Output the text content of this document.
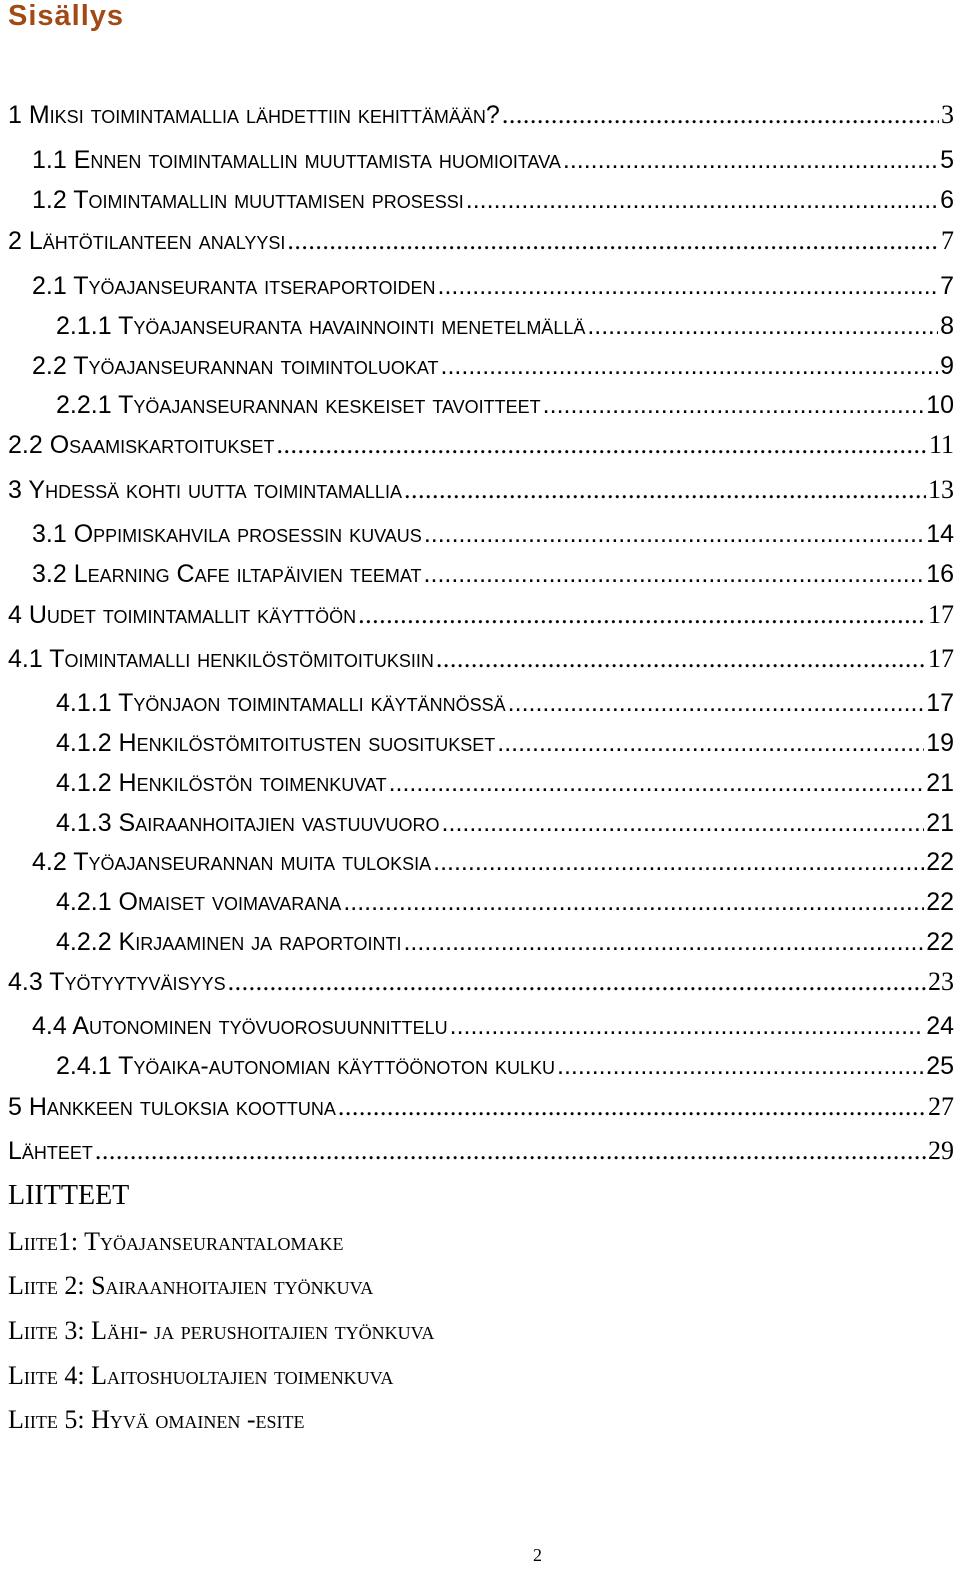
Sisällys
1 Miksi toimintamallia lähdettiin kehittämään? . . .	3
1.1 Ennen toimintamallin muuttamista huomioitava .....	5
1.2 Toimintamallin muuttamisen prosessi .....	6
2 Lähtötilanteen analyysi . . .	7
2.1 Työajanseuranta itseraportoiden .....	7
2.1.1 Työajanseuranta havainnointi menetelmällä .....	8
2.2 Työajanseurannan toimintoluokat .....	9
2.2.1 Työajanseurannan keskeiset tavoitteet .....	10
2.2 Osaamiskartoitukset . . .	11
3 Yhdessä kohti uutta toimintamallia . . .	13
3.1 Oppimiskahvila prosessin kuvaus .....	14
3.2 Learning Cafe iltapäivien teemat .....	16
4 Uudet toimintamallit käyttöön . . .	17
4.1 Toimintamalli henkilöstömitoituksiin . . .	17
4.1.1 Työnjaon toimintamalli käytännössä .....	17
4.1.2 Henkilöstömitoitusten suositukset .....	19
4.1.2 Henkilöstön toimenkuvat .....	21
4.1.3 Sairaanhoitajien vastuuvuoro .....	21
4.2 Työajanseurannan muita tuloksia .....	22
4.2.1 Omaiset voimavarana .....	22
4.2.2 Kirjaaminen ja raportointi .....	22
4.3 Työtyytyväisyys . . .	23
4.4 Autonominen työvuorosuunnittelu .....	24
2.4.1 Työaika-autonomian käyttöönoton kulku .....	25
5 Hankkeen tuloksia koottuna . . .	27
Lähteet . . .	29
LIITTEET
Liite1: Työajanseurantalomake
Liite 2: Sairaanhoitajien työnkuva
Liite 3: Lähi- ja perushoitajien työnkuva
Liite 4: Laitoshuoltajien toimenkuva
Liite 5: Hyvä omainen -esite
2
